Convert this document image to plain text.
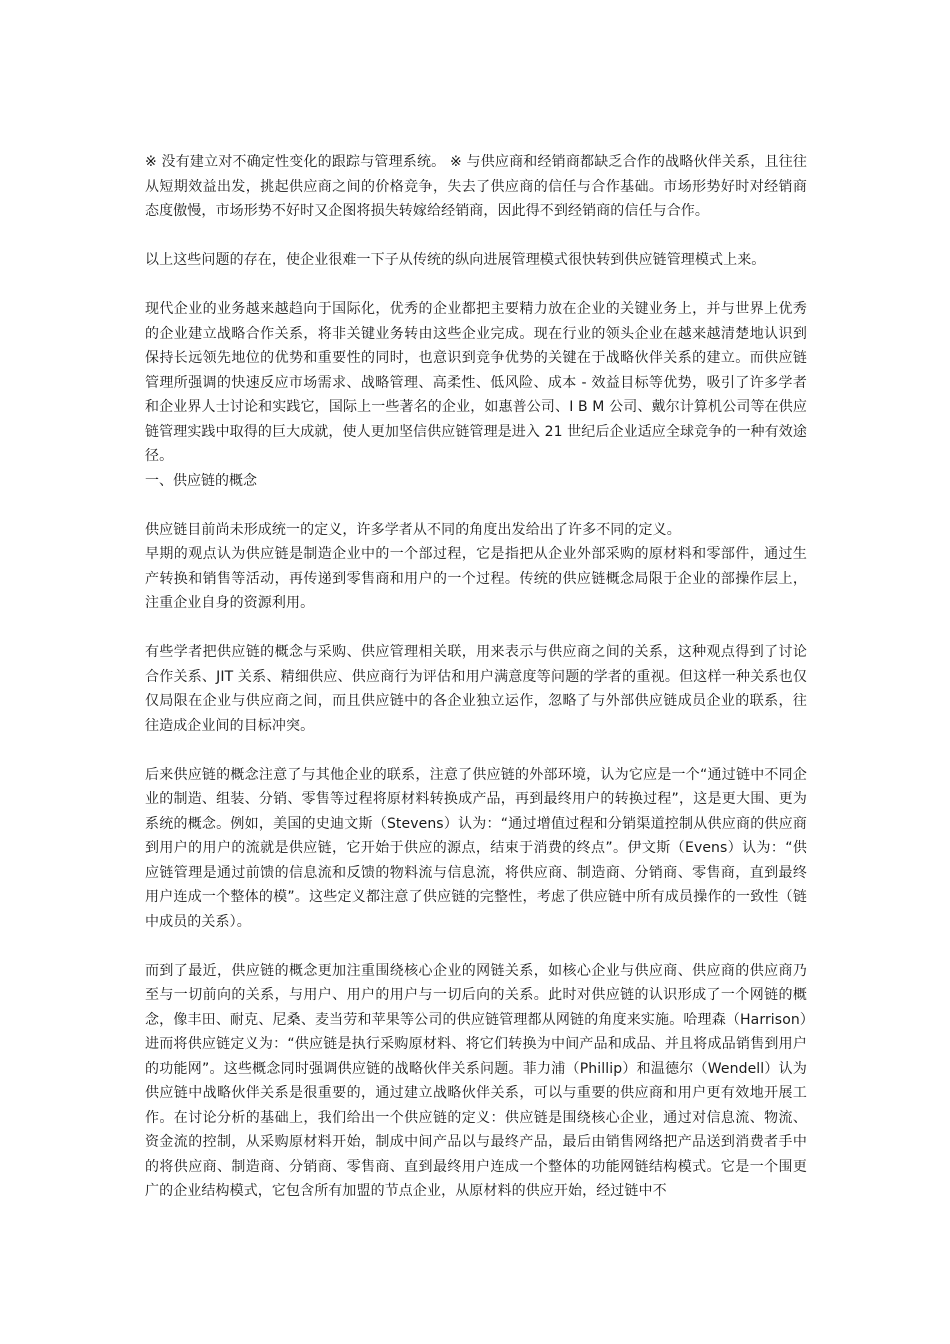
※ 没有建立对不确定性变化的跟踪与管理系统。 ※ 与供应商和经销商都缺乏合作的战略伙伴关系，且往往从短期效益出发，挑起供应商之间的价格竞争，失去了供应商的信任与合作基础。市场形势好时对经销商态度傲慢，市场形势不好时又企图将损失转嫁给经销商，因此得不到经销商的信任与合作。

以上这些问题的存在，使企业很难一下子从传统的纵向进展管理模式很快转到供应链管理模式上来。

现代企业的业务越来越趋向于国际化，优秀的企业都把主要精力放在企业的关键业务上，并与世界上优秀的企业建立战略合作关系，将非关键业务转由这些企业完成。现在行业的领头企业在越来越清楚地认识到保持长远领先地位的优势和重要性的同时，也意识到竞争优势的关键在于战略伙伴关系的建立。而供应链管理所强调的快速反应市场需求、战略管理、高柔性、低风险、成本 - 效益目标等优势，吸引了许多学者和企业界人士讨论和实践它，国际上一些著名的企业，如惠普公司、I B M 公司、戴尔计算机公司等在供应链管理实践中取得的巨大成就，使人更加坚信供应链管理是进入 21 世纪后企业适应全球竞争的一种有效途径。

一、供应链的概念

供应链目前尚未形成统一的定义，许多学者从不同的角度出发给出了许多不同的定义。

早期的观点认为供应链是制造企业中的一个部过程，它是指把从企业外部采购的原材料和零部件，通过生产转换和销售等活动，再传递到零售商和用户的一个过程。传统的供应链概念局限于企业的部操作层上，注重企业自身的资源利用。

有些学者把供应链的概念与采购、供应管理相关联，用来表示与供应商之间的关系，这种观点得到了讨论合作关系、JIT 关系、精细供应、供应商行为评估和用户满意度等问题的学者的重视。但这样一种关系也仅仅局限在企业与供应商之间，而且供应链中的各企业独立运作，忽略了与外部供应链成员企业的联系，往往造成企业间的目标冲突。

后来供应链的概念注意了与其他企业的联系，注意了供应链的外部环境，认为它应是一个“通过链中不同企业的制造、组装、分销、零售等过程将原材料转换成产品，再到最终用户的转换过程”，这是更大围、更为系统的概念。例如，美国的史迪文斯（Stevens）认为：“通过增值过程和分销渠道控制从供应商的供应商到用户的用户的流就是供应链，它开始于供应的源点，结束于消费的终点”。伊文斯（Evens）认为：“供应链管理是通过前馈的信息流和反馈的物料流与信息流，将供应商、制造商、分销商、零售商，直到最终用户连成一个整体的模”。这些定义都注意了供应链的完整性，考虑了供应链中所有成员操作的一致性（链中成员的关系）。

而到了最近，供应链的概念更加注重围绕核心企业的网链关系，如核心企业与供应商、供应商的供应商乃至与一切前向的关系，与用户、用户的用户与一切后向的关系。此时对供应链的认识形成了一个网链的概念，像丰田、耐克、尼桑、麦当劳和苹果等公司的供应链管理都从网链的角度来实施。哈理森（Harrison）进而将供应链定义为：“供应链是执行采购原材料、将它们转换为中间产品和成品、并且将成品销售到用户的功能网”。这些概念同时强调供应链的战略伙伴关系问题。菲力浦（Phillip）和温德尔（Wendell）认为供应链中战略伙伴关系是很重要的，通过建立战略伙伴关系，可以与重要的供应商和用户更有效地开展工作。在讨论分析的基础上，我们给出一个供应链的定义：供应链是围绕核心企业，通过对信息流、物流、资金流的控制，从采购原材料开始，制成中间产品以与最终产品，最后由销售网络把产品送到消费者手中的将供应商、制造商、分销商、零售商、直到最终用户连成一个整体的功能网链结构模式。它是一个围更广的企业结构模式，它包含所有加盟的节点企业，从原材料的供应开始，经过链中不
